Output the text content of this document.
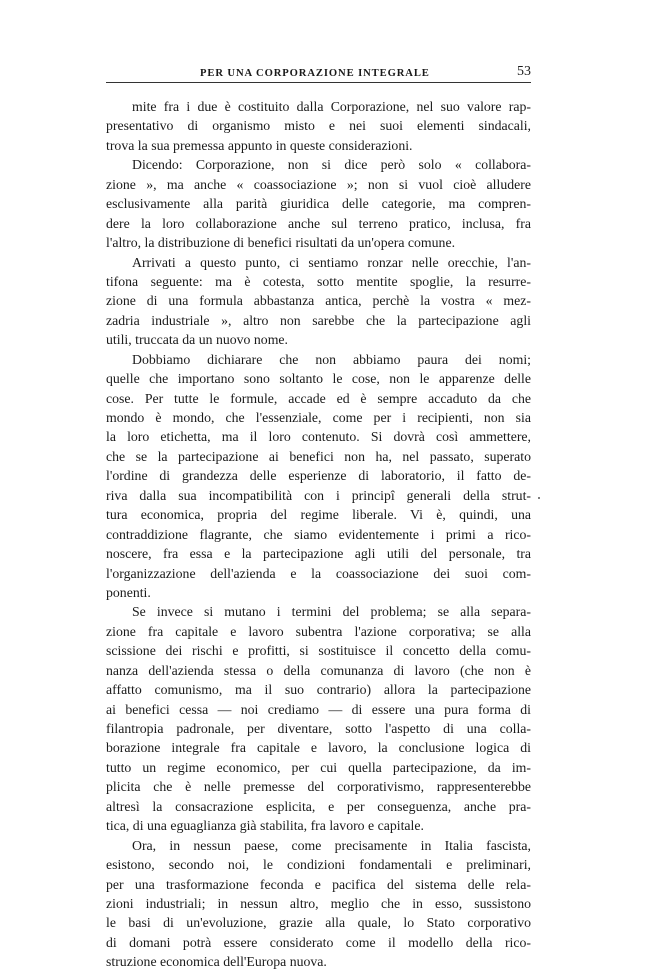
PER UNA CORPORAZIONE INTEGRALE	53
mite fra i due è costituito dalla Corporazione, nel suo valore rap-
presentativo di organismo misto e nei suoi elementi sindacali,
trova la sua premessa appunto in queste considerazioni.
Dicendo: Corporazione, non si dice però solo « collabora-
zione », ma anche « coassociazione »; non si vuol cioè alludere
esclusivamente alla parità giuridica delle categorie, ma compren-
dere la loro collaborazione anche sul terreno pratico, inclusa, fra
l'altro, la distribuzione di benefici risultati da un'opera comune.
Arrivati a questo punto, ci sentiamo ronzar nelle orecchie, l'an-
tifona seguente: ma è cotesta, sotto mentite spoglie, la resurre-
zione di una formula abbastanza antica, perchè la vostra « mez-
zadria industriale », altro non sarebbe che la partecipazione agli
utili, truccata da un nuovo nome.
Dobbiamo dichiarare che non abbiamo paura dei nomi;
quelle che importano sono soltanto le cose, non le apparenze delle
cose. Per tutte le formule, accade ed è sempre accaduto da che
mondo è mondo, che l'essenziale, come per i recipienti, non sia
la loro etichetta, ma il loro contenuto. Si dovrà così ammettere,
che se la partecipazione ai benefici non ha, nel passato, superato
l'ordine di grandezza delle esperienze di laboratorio, il fatto de-
riva dalla sua incompatibilità con i principî generali della strut-
tura economica, propria del regime liberale. Vi è, quindi, una
contraddizione flagrante, che siamo evidentemente i primi a rico-
noscere, fra essa e la partecipazione agli utili del personale, tra
l'organizzazione dell'azienda e la coassociazione dei suoi com-
ponenti.
Se invece si mutano i termini del problema; se alla separa-
zione fra capitale e lavoro subentra l'azione corporativa; se alla
scissione dei rischi e profitti, si sostituisce il concetto della comu-
nanza dell'azienda stessa o della comunanza di lavoro (che non è
affatto comunismo, ma il suo contrario) allora la partecipazione
ai benefici cessa — noi crediamo — di essere una pura forma di
filantropia padronale, per diventare, sotto l'aspetto di una colla-
borazione integrale fra capitale e lavoro, la conclusione logica di
tutto un regime economico, per cui quella partecipazione, da im-
plicita che è nelle premesse del corporativismo, rappresenterebbe
altresì la consacrazione esplicita, e per conseguenza, anche pra-
tica, di una eguaglianza già stabilita, fra lavoro e capitale.
Ora, in nessun paese, come precisamente in Italia fascista,
esistono, secondo noi, le condizioni fondamentali e preliminari,
per una trasformazione feconda e pacifica del sistema delle rela-
zioni industriali; in nessun altro, meglio che in esso, sussistono
le basi di un'evoluzione, grazie alla quale, lo Stato corporativo
di domani potrà essere considerato come il modello della rico-
struzione economica dell'Europa nuova.
